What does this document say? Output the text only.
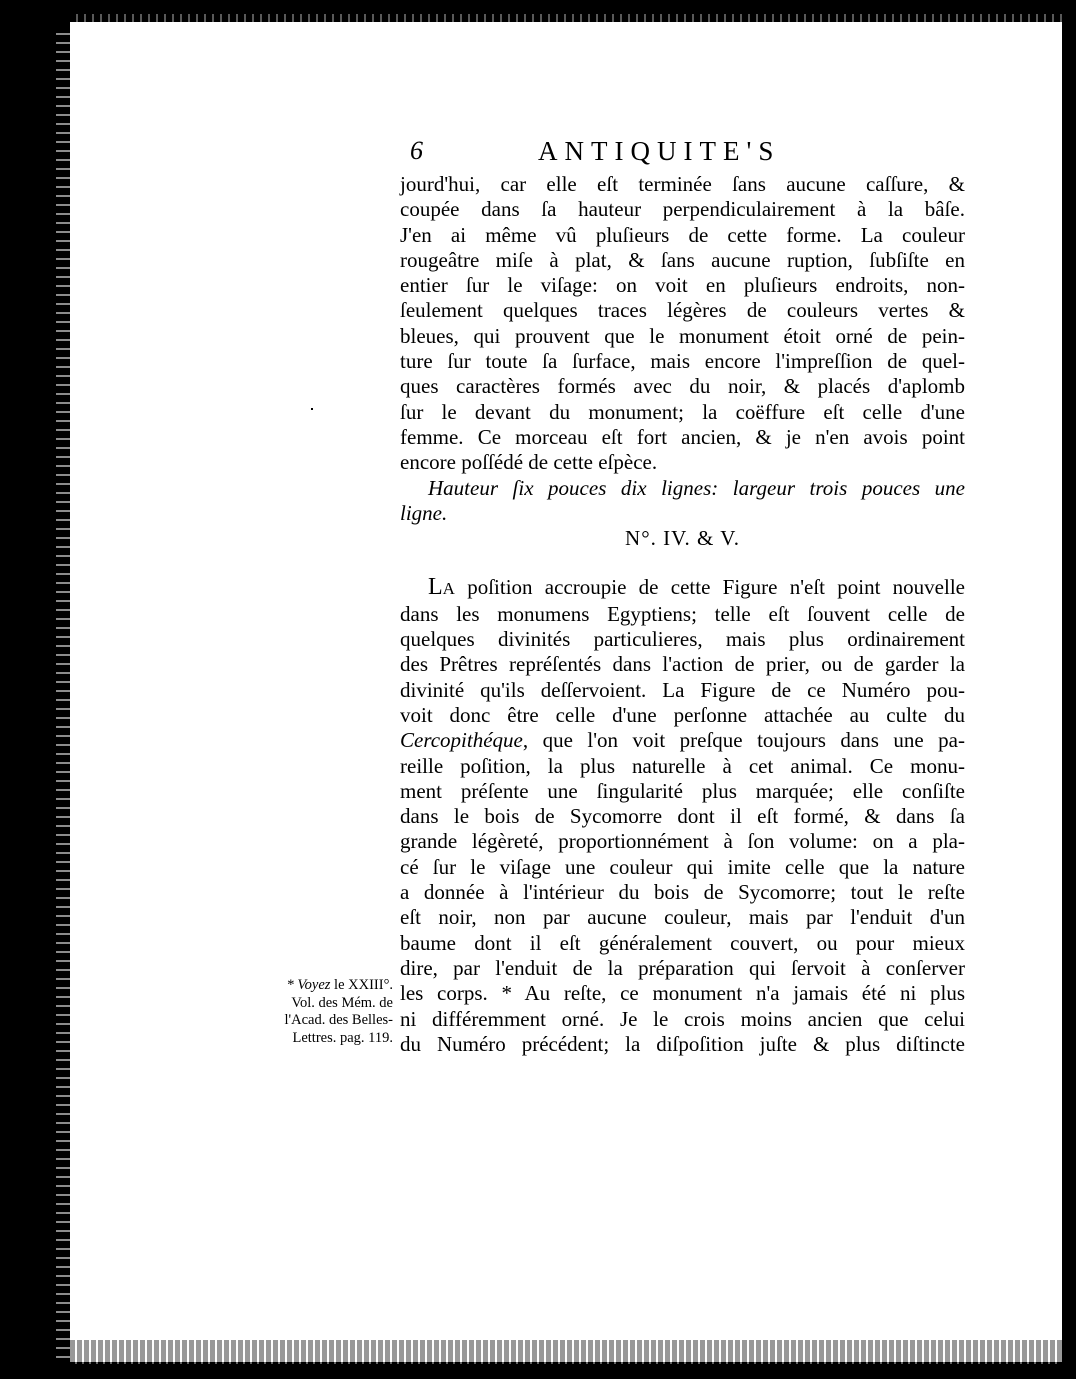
6	ANTIQUITE'S
jourd'hui, car elle eſt terminée ſans aucune caſſure, &
coupée dans ſa hauteur perpendiculairement à la bâſe.
J'en ai même vû pluſieurs de cette forme. La couleur
rougeâtre miſe à plat, & ſans aucune ruption, ſubſiſte en
entier ſur le viſage: on voit en pluſieurs endroits, non-
ſeulement quelques traces légères de couleurs vertes &
bleues, qui prouvent que le monument étoit orné de pein-
ture ſur toute ſa ſurface, mais encore l'impreſſion de quel-
ques caractères formés avec du noir, & placés d'aplomb
ſur le devant du monument; la coëffure eſt celle d'une
femme. Ce morceau eſt fort ancien, & je n'en avois point
encore poſſédé de cette eſpèce.
Hauteur ſix pouces dix lignes: largeur trois pouces une
ligne.
N°. IV. & V.
LA poſition accroupie de cette Figure n'eſt point nouvelle
dans les monumens Egyptiens; telle eſt ſouvent celle de
quelques divinités particulieres, mais plus ordinairement
des Prêtres repréſentés dans l'action de prier, ou de garder la
divinité qu'ils deſſervoient. La Figure de ce Numéro pou-
voit donc être celle d'une perſonne attachée au culte du
Cercopithéque, que l'on voit preſque toujours dans une pa-
reille poſition, la plus naturelle à cet animal. Ce monu-
ment préſente une ſingularité plus marquée; elle conſiſte
dans le bois de Sycomorre dont il eſt formé, & dans ſa
grande légèreté, proportionnément à ſon volume: on a pla-
cé ſur le viſage une couleur qui imite celle que la nature
a donnée à l'intérieur du bois de Sycomorre; tout le reſte
eſt noir, non par aucune couleur, mais par l'enduit d'un
baume dont il eſt généralement couvert, ou pour mieux
dire, par l'enduit de la préparation qui ſervoit à conſerver
les corps. * Au reſte, ce monument n'a jamais été ni plus
ni différemment orné. Je le crois moins ancien que celui
du Numéro précédent; la diſpoſition juſte & plus diſtincte
* Voyez le XXIII°.
Vol. des Mém. de
l'Acad. des Belles-
Lettres. pag. 119.
